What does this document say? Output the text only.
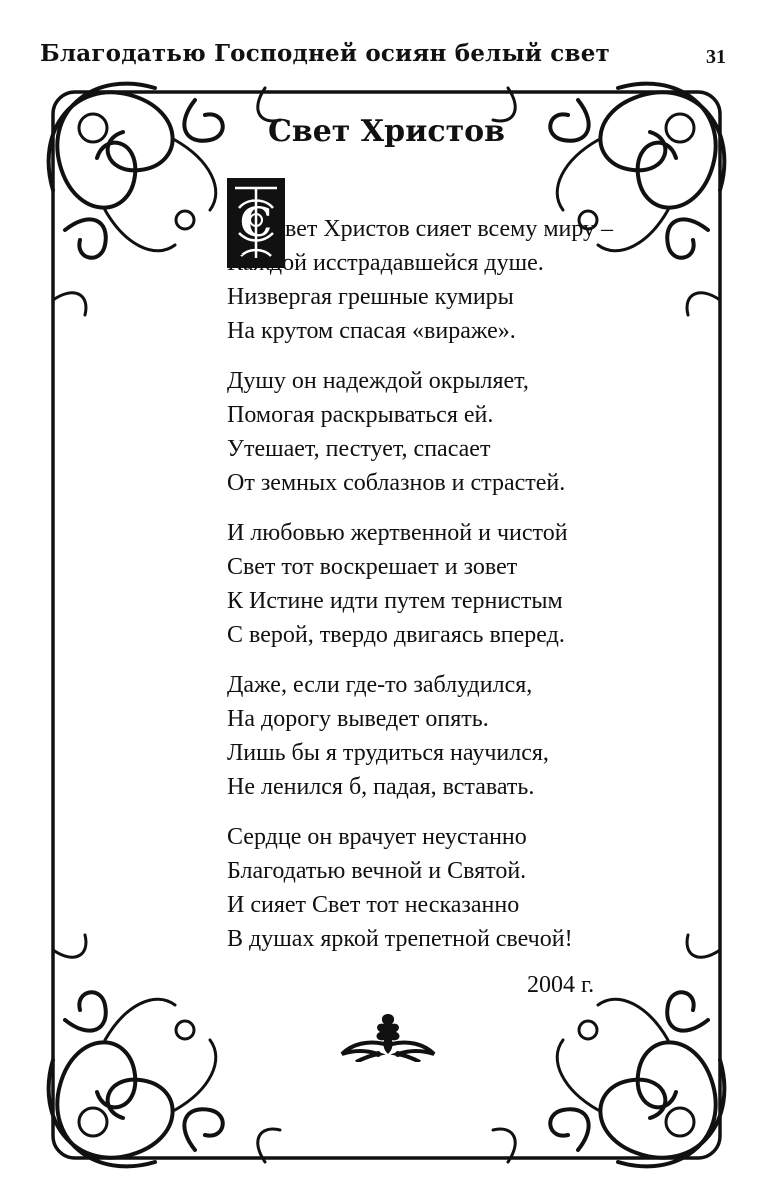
Благодатью Господней осиян белый свет	31
Свет Христов
С вет Христов сияет всему миру –
Каждой исстрадавшейся душе.
Низвергая грешные кумиры
На крутом спасая «вираже».
Душу он надеждой окрыляет,
Помогая раскрываться ей.
Утешает, пестует, спасает
От земных соблазнов и страстей.
И любовью жертвенной и чистой
Свет тот воскрешает и зовет
К Истине идти путем тернистым
С верой, твердо двигаясь вперед.
Даже, если где-то заблудился,
На дорогу выведет опять.
Лишь бы я трудиться научился,
Не ленился б, падая, вставать.
Сердце он врачует неустанно
Благодатью вечной и Святой.
И сияет Свет тот несказанно
В душах яркой трепетной свечой!
2004 г.
